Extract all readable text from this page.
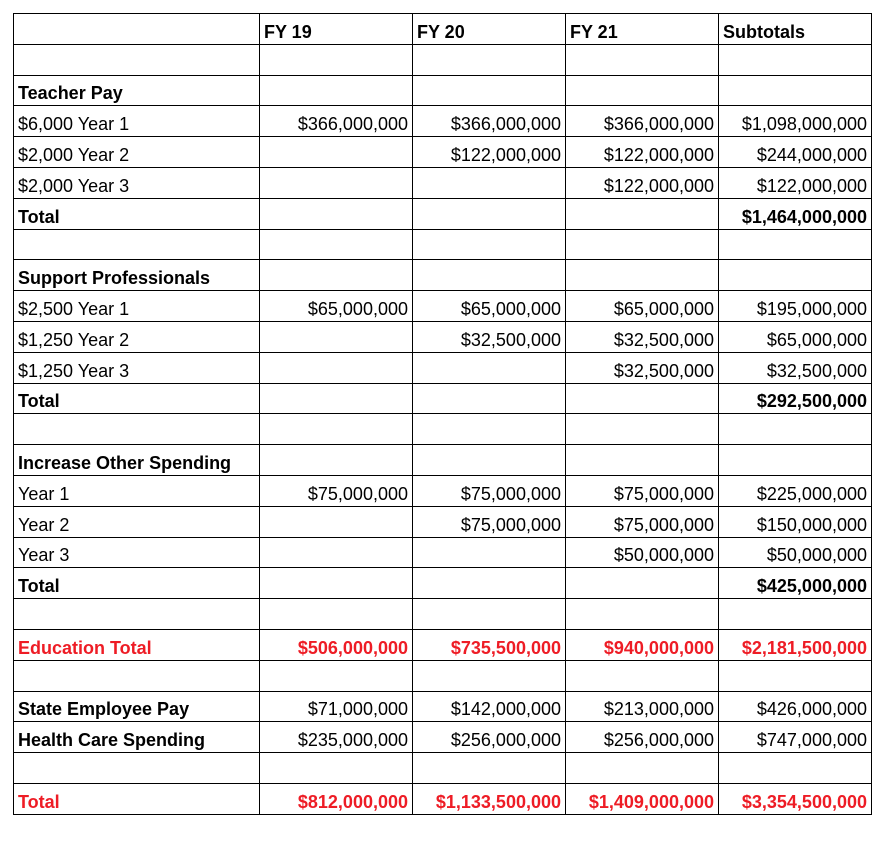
	FY 19	FY 20	FY 21	Subtotals

Teacher Pay				
$6,000 Year 1	$366,000,000	$366,000,000	$366,000,000	$1,098,000,000
$2,000 Year 2		$122,000,000	$122,000,000	$244,000,000
$2,000 Year 3			$122,000,000	$122,000,000
Total				$1,464,000,000

Support Professionals				
$2,500 Year 1	$65,000,000	$65,000,000	$65,000,000	$195,000,000
$1,250 Year 2		$32,500,000	$32,500,000	$65,000,000
$1,250 Year 3			$32,500,000	$32,500,000
Total				$292,500,000

Increase Other Spending				
Year 1	$75,000,000	$75,000,000	$75,000,000	$225,000,000
Year 2		$75,000,000	$75,000,000	$150,000,000
Year 3			$50,000,000	$50,000,000
Total				$425,000,000

Education Total	$506,000,000	$735,500,000	$940,000,000	$2,181,500,000

State Employee Pay	$71,000,000	$142,000,000	$213,000,000	$426,000,000
Health Care Spending	$235,000,000	$256,000,000	$256,000,000	$747,000,000

Total	$812,000,000	$1,133,500,000	$1,409,000,000	$3,354,500,000
